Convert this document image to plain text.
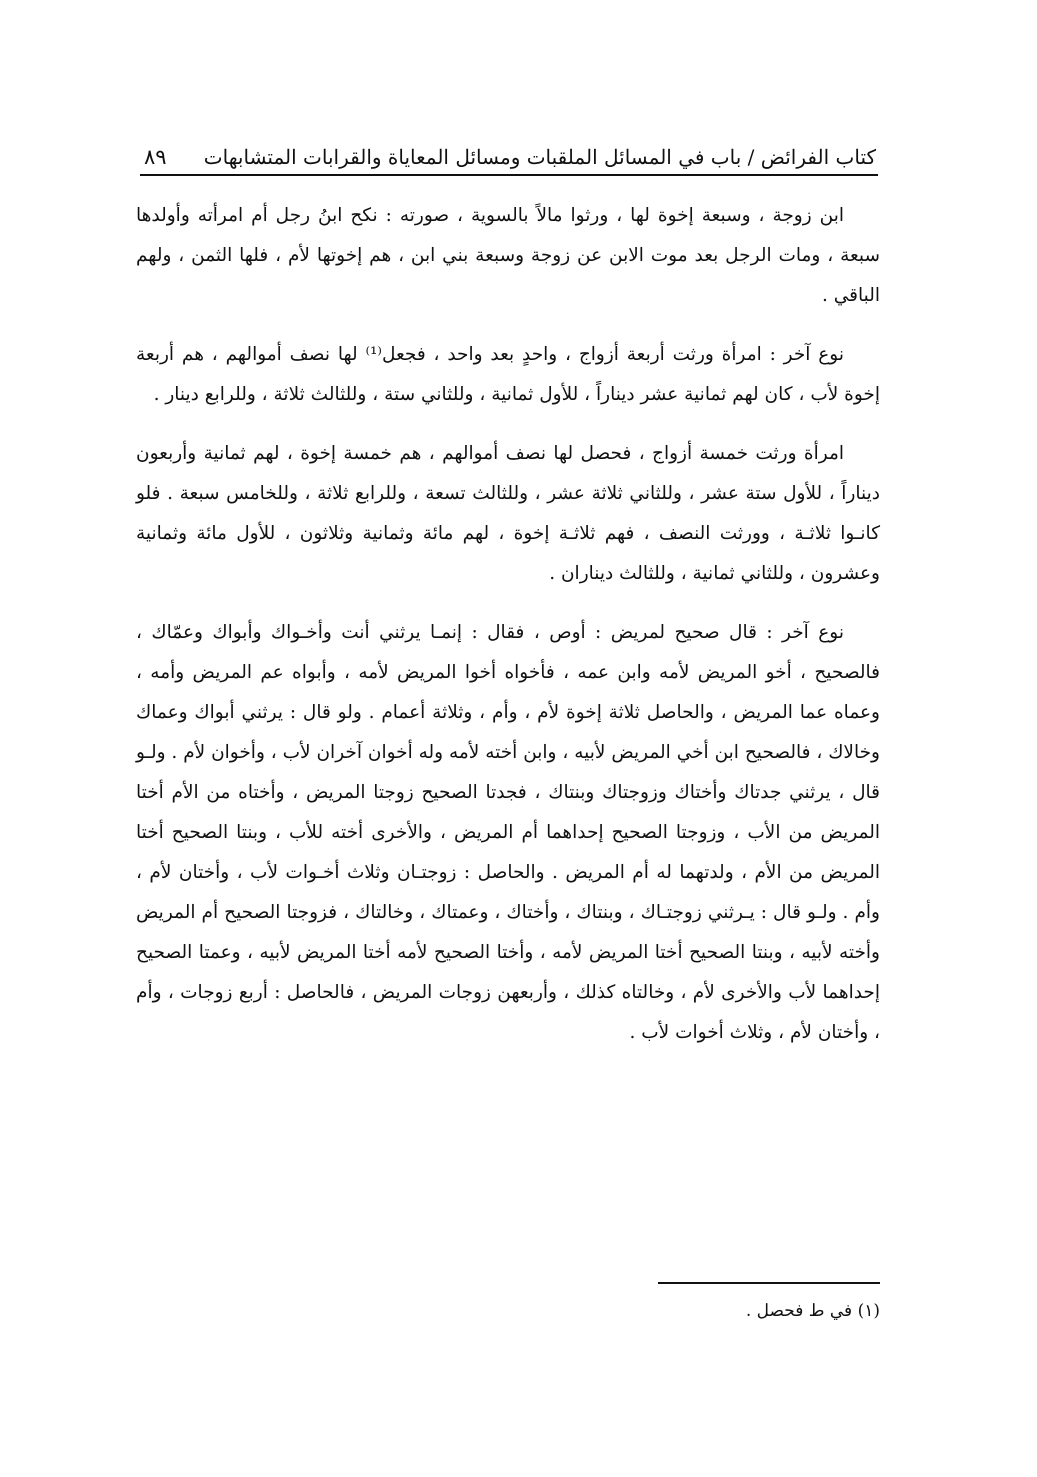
كتاب الفرائض / باب في المسائل الملقبات ومسائل المعاياة والقرابات المتشابهات
٨٩

ابن زوجة ، وسبعة إخوة لها ، ورثوا مالاً بالسوية ، صورته : نكح ابنُ رجل أم امرأته وأولدها سبعة ، ومات الرجل بعد موت الابن عن زوجة وسبعة بني ابن ، هم إخوتها لأم ، فلها الثمن ، ولهم الباقي .

نوع آخر : امرأة ورثت أربعة أزواج ، واحدٍ بعد واحد ، فجعل⁽¹⁾ لها نصف أموالهم ، هم أربعة إخوة لأب ، كان لهم ثمانية عشر ديناراً ، للأول ثمانية ، وللثاني ستة ، وللثالث ثلاثة ، وللرابع دينار .

امرأة ورثت خمسة أزواج ، فحصل لها نصف أموالهم ، هم خمسة إخوة ، لهم ثمانية وأربعون ديناراً ، للأول ستة عشر ، وللثاني ثلاثة عشر ، وللثالث تسعة ، وللرابع ثلاثة ، وللخامس سبعة . فلو كانـوا ثلاثـة ، وورثت النصف ، فهم ثلاثـة إخوة ، لهم مائة وثمانية وثلاثون ، للأول مائة وثمانية وعشرون ، وللثاني ثمانية ، وللثالث ديناران .

نوع آخر : قال صحيح لمريض : أوص ، فقال : إنمـا يرثني أنت وأخـواك وأبواك وعمّاك ، فالصحيح ، أخو المريض لأمه وابن عمه ، فأخواه أخوا المريض لأمه ، وأبواه عم المريض وأمه ، وعماه عما المريض ، والحاصل ثلاثة إخوة لأم ، وأم ، وثلاثة أعمام . ولو قال : يرثني أبواك وعماك وخالاك ، فالصحيح ابن أخي المريض لأبيه ، وابن أخته لأمه وله أخوان آخران لأب ، وأخوان لأم . ولـو قال ، يرثني جدتاك وأختاك وزوجتاك وبنتاك ، فجدتا الصحيح زوجتا المريض ، وأختاه من الأم أختا المريض من الأب ، وزوجتا الصحيح إحداهما أم المريض ، والأخرى أخته للأب ، وبنتا الصحيح أختا المريض من الأم ، ولدتهما له أم المريض . والحاصل : زوجتـان وثلاث أخـوات لأب ، وأختان لأم ، وأم . ولـو قال : يـرثني زوجتـاك ، وبنتاك ، وأختاك ، وعمتاك ، وخالتاك ، فزوجتا الصحيح أم المريض وأخته لأبيه ، وبنتا الصحيح أختا المريض لأمه ، وأختا الصحيح لأمه أختا المريض لأبيه ، وعمتا الصحيح إحداهما لأب والأخرى لأم ، وخالتاه كذلك ، وأربعهن زوجات المريض ، فالحاصل : أربع زوجات ، وأم ، وأختان لأم ، وثلاث أخوات لأب .

(١) في ط فحصل .
